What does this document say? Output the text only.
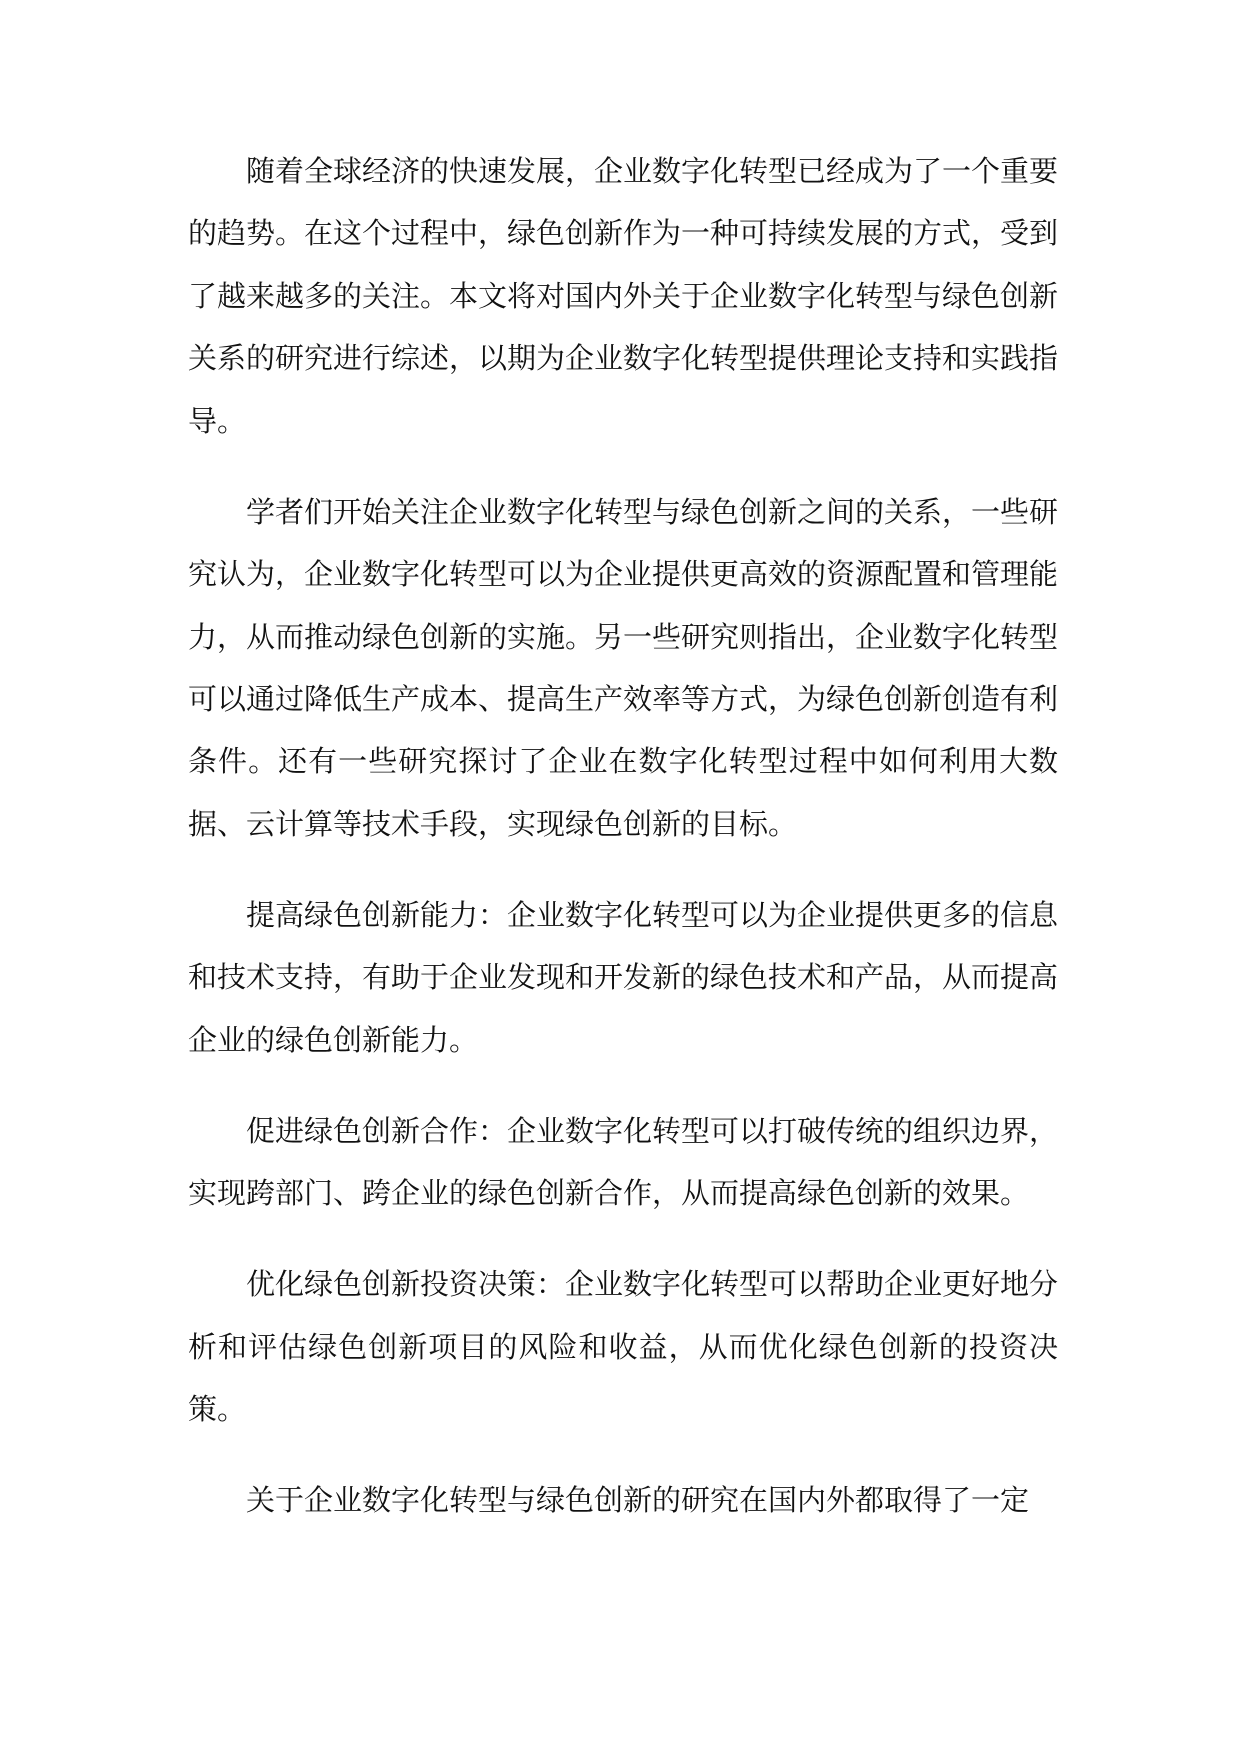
随着全球经济的快速发展，企业数字化转型已经成为了一个重要的趋势。在这个过程中，绿色创新作为一种可持续发展的方式，受到了越来越多的关注。本文将对国内外关于企业数字化转型与绿色创新关系的研究进行综述，以期为企业数字化转型提供理论支持和实践指导。

学者们开始关注企业数字化转型与绿色创新之间的关系，一些研究认为，企业数字化转型可以为企业提供更高效的资源配置和管理能力，从而推动绿色创新的实施。另一些研究则指出，企业数字化转型可以通过降低生产成本、提高生产效率等方式，为绿色创新创造有利条件。还有一些研究探讨了企业在数字化转型过程中如何利用大数据、云计算等技术手段，实现绿色创新的目标。

提高绿色创新能力：企业数字化转型可以为企业提供更多的信息和技术支持，有助于企业发现和开发新的绿色技术和产品，从而提高企业的绿色创新能力。

促进绿色创新合作：企业数字化转型可以打破传统的组织边界，实现跨部门、跨企业的绿色创新合作，从而提高绿色创新的效果。

优化绿色创新投资决策：企业数字化转型可以帮助企业更好地分析和评估绿色创新项目的风险和收益，从而优化绿色创新的投资决策。

关于企业数字化转型与绿色创新的研究在国内外都取得了一定
